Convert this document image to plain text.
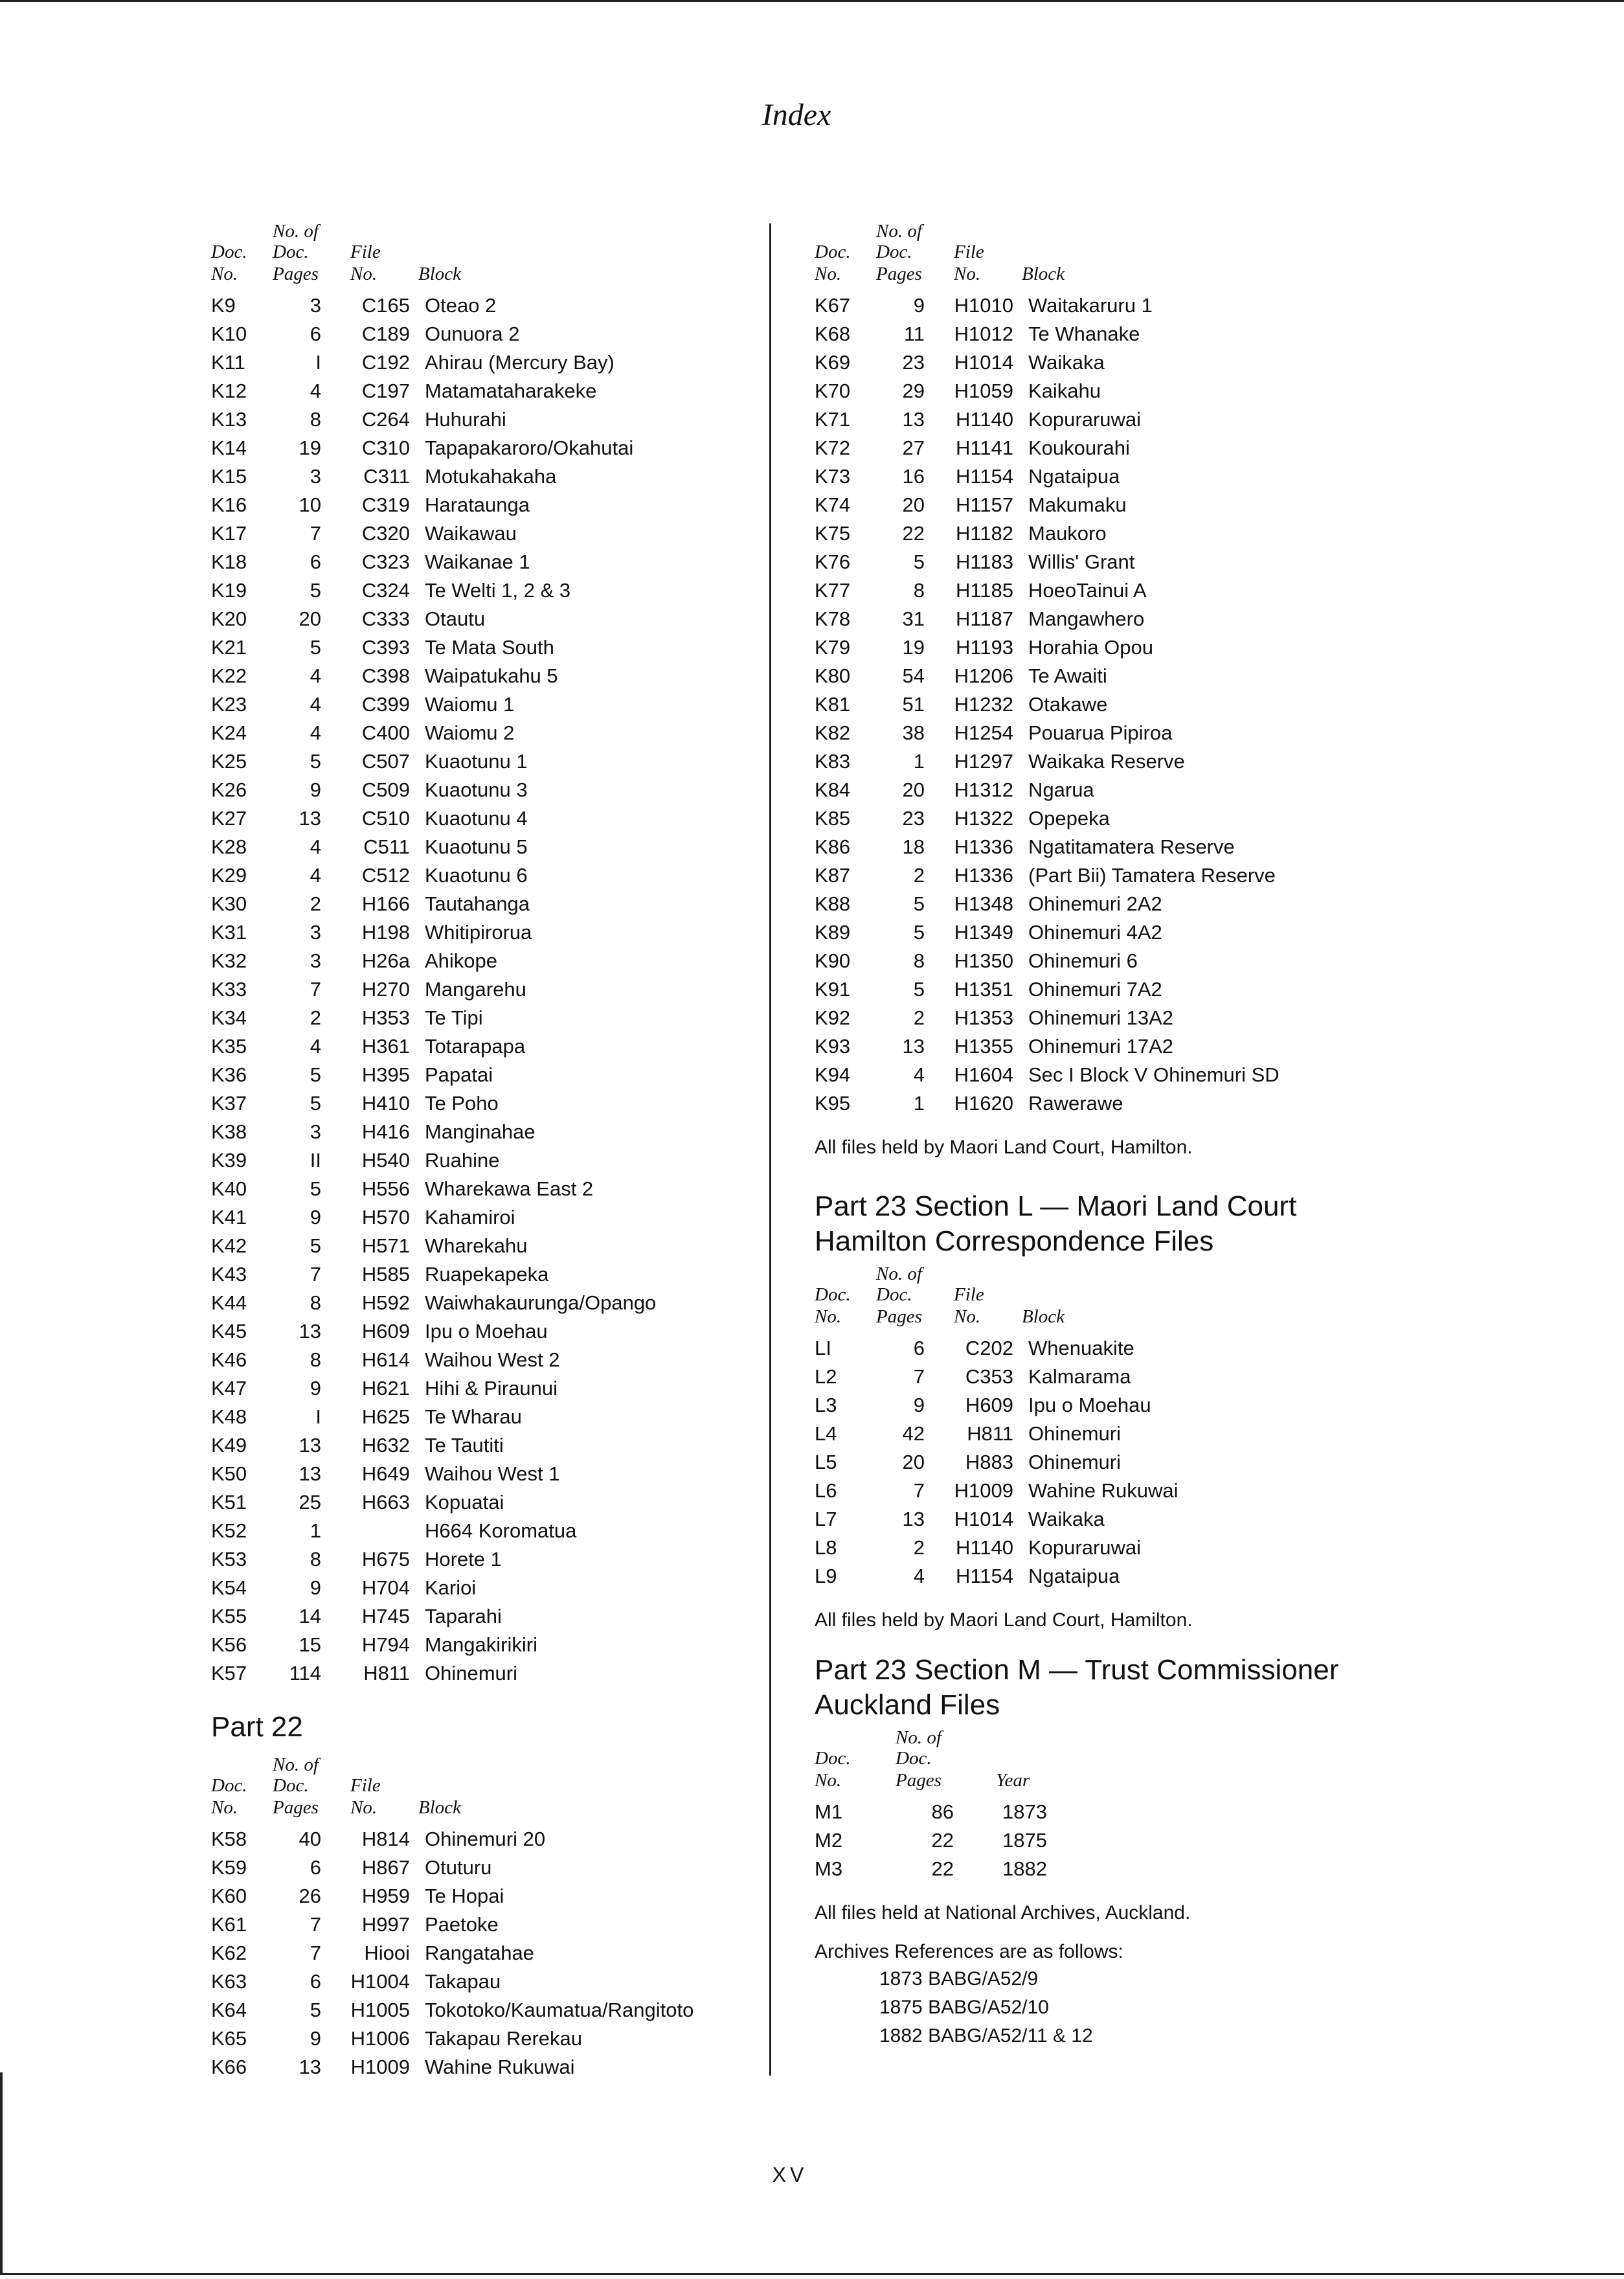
Index
Doc.
No.
No. of
Doc.
Pages
File
No. Block
K9	3	C165 Oteao 2
K10	6	C189 Ounuora 2
K11	I	C192 Ahirau (Mercury Bay)
K12	4	C197 Matamataharakeke
K13	8	C264 Huhurahi
K14	19	C310 Tapapakaroro/Okahutai
K15	3	C311 Motukahakaha
K16	10	C319 Harataunga
K17	7	C320 Waikawau
K18	6	C323 Waikanae 1
K19	5	C324 Te Welti 1, 2 & 3
K20	20	C333 Otautu
K21	5	C393 Te Mata South
K22	4	C398 Waipatukahu 5
K23	4	C399 Waiomu 1
K24	4	C400 Waiomu 2
K25	5	C507 Kuaotunu 1
K26	9	C509 Kuaotunu 3
K27	13	C510 Kuaotunu 4
K28	4	C511 Kuaotunu 5
K29	4	C512 Kuaotunu 6
K30	2	H166 Tautahanga
K31	3	H198 Whitipirorua
K32	3	H26a Ahikope
K33	7	H270 Mangarehu
K34	2	H353 Te Tipi
K35	4	H361 Totarapapa
K36	5	H395 Papatai
K37	5	H410 Te Poho
K38	3	H416 Manginahae
K39	II	H540 Ruahine
K40	5	H556 Wharekawa East 2
K41	9	H570 Kahamiroi
K42	5	H571 Wharekahu
K43	7	H585 Ruapekapeka
K44	8	H592 Waiwhakaurunga/Opango
K45	13	H609 Ipu o Moehau
K46	8	H614 Waihou West 2
K47	9	H621 Hihi & Piraunui
K48	I	H625 Te Wharau
K49	13	H632 Te Tautiti
K50	13	H649 Waihou West 1
K51	25	H663 Kopuatai
K52	1	H664 Koromatua
K53	8	H675 Horete 1
K54	9	H704 Karioi
K55	14	H745 Taparahi
K56	15	H794 Mangakirikiri
K57	114	H811 Ohinemuri
Part 22
Doc.
No.
No. of
Doc.
Pages
File
No. Block
K58	40	H814 Ohinemuri 20
K59	6	H867 Otuturu
K60	26	H959 Te Hopai
K61	7	H997 Paetoke
K62	7	Hiooi Rangatahae
K63	6	H1004 Takapau
K64	5	H1005 Tokotoko/Kaumatua/Rangitoto
K65	9	H1006 Takapau Rerekau
K66	13	H1009 Wahine Rukuwai
Doc.
No.
No. of
Doc.
Pages
File
No. Block
K67	9	H1010 Waitakaruru 1
K68	11	H1012 Te Whanake
K69	23	H1014 Waikaka
K70	29	H1059 Kaikahu
K71	13	H1140 Kopuraruwai
K72	27	H1141 Koukourahi
K73	16	H1154 Ngataipua
K74	20	H1157 Makumaku
K75	22	H1182 Maukoro
K76	5	H1183 Willis' Grant
K77	8	H1185 HoeoTainui A
K78	31	H1187 Mangawhero
K79	19	H1193 Horahia Opou
K80	54	H1206 Te Awaiti
K81	51	H1232 Otakawe
K82	38	H1254 Pouarua Pipiroa
K83	1	H1297 Waikaka Reserve
K84	20	H1312 Ngarua
K85	23	H1322 Opepeka
K86	18	H1336 Ngatitamatera Reserve
K87	2	H1336 (Part Bii) Tamatera Reserve
K88	5	H1348 Ohinemuri 2A2
K89	5	H1349 Ohinemuri 4A2
K90	8	H1350 Ohinemuri 6
K91	5	H1351 Ohinemuri 7A2
K92	2	H1353 Ohinemuri 13A2
K93	13	H1355 Ohinemuri 17A2
K94	4	H1604 Sec I Block V Ohinemuri SD
K95	1	H1620 Rawerawe
All files held by Maori Land Court, Hamilton.
Part 23 Section L — Maori Land Court
Hamilton Correspondence Files
Doc.
No.
No. of
Doc.
Pages
File
No. Block
LI	6	C202 Whenuakite
L2	7	C353 Kalmarama
L3	9	H609 Ipu o Moehau
L4	42	H811 Ohinemuri
L5	20	H883 Ohinemuri
L6	7	H1009 Wahine Rukuwai
L7	13	H1014 Waikaka
L8	2	H1140 Kopuraruwai
L9	4	H1154 Ngataipua
All files held by Maori Land Court, Hamilton.
Part 23 Section M — Trust Commissioner
Auckland Files
Doc.
No.
No. of
Doc.
Pages	Year
M1	86 1873
M2	22 1875
M3	22 1882
All files held at National Archives, Auckland.
Archives References are as follows:
1873 BABG/A52/9
1875 BABG/A52/10
1882 BABG/A52/11 & 12
XV
